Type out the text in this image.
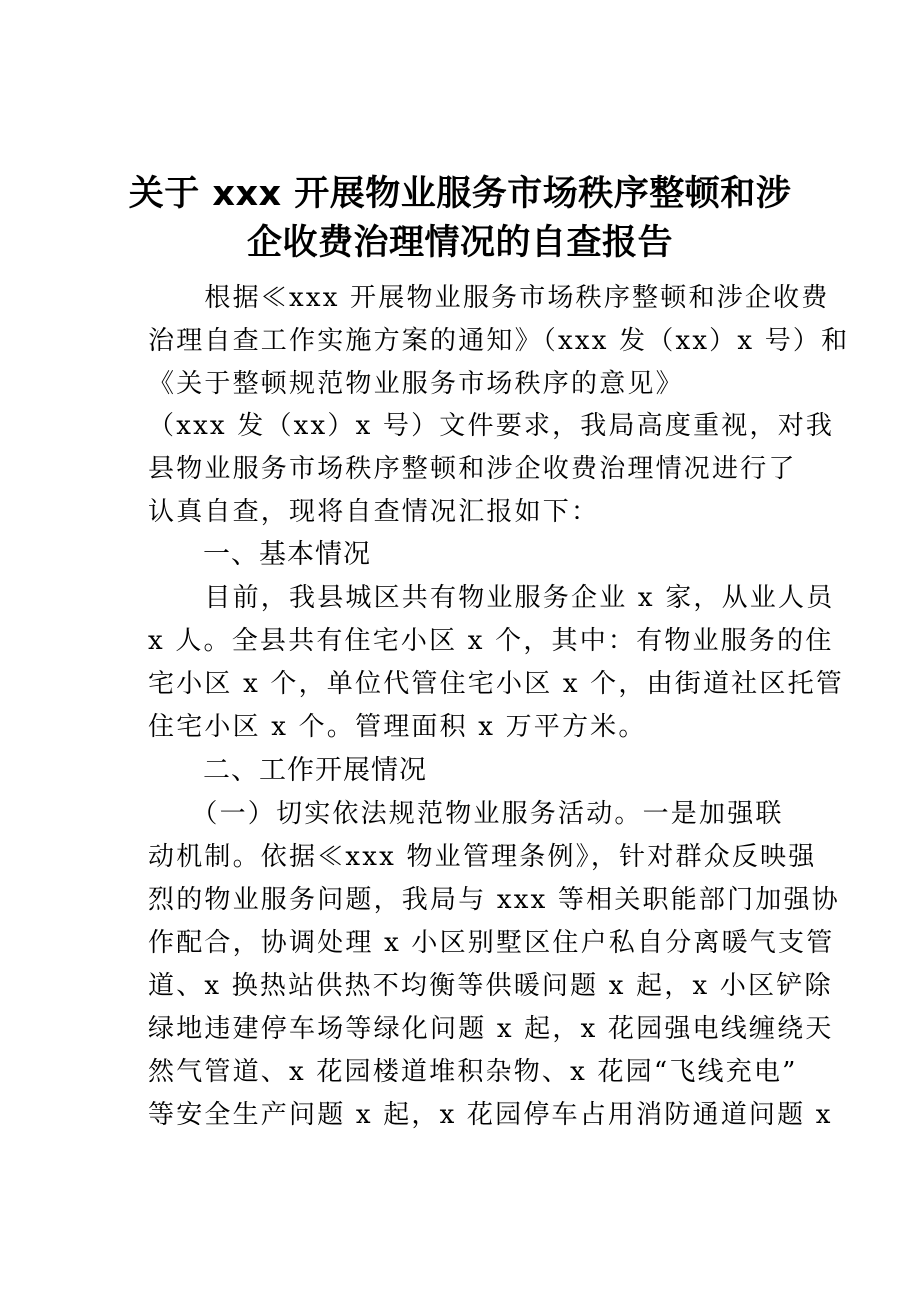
关于 xxx 开展物业服务市场秩序整顿和涉
企收费治理情况的自查报告
　　根据≪xxx 开展物业服务市场秩序整顿和涉企收费
治理自查工作实施方案的通知》（xxx 发（xx）x 号）和
《关于整顿规范物业服务市场秩序的意见》
（xxx 发（xx）x 号）文件要求，我局高度重视，对我
县物业服务市场秩序整顿和涉企收费治理情况进行了
认真自查，现将自查情况汇报如下：
一、基本情况
　　目前，我县城区共有物业服务企业 x 家，从业人员
x 人。全县共有住宅小区 x 个，其中：有物业服务的住
宅小区 x 个，单位代管住宅小区 x 个，由街道社区托管
住宅小区 x 个。管理面积 x 万平方米。
二、工作开展情况
　　（一）切实依法规范物业服务活动。一是加强联
动机制。依据≪xxx 物业管理条例》，针对群众反映强
烈的物业服务问题，我局与 xxx 等相关职能部门加强协
作配合，协调处理 x 小区别墅区住户私自分离暖气支管
道、x 换热站供热不均衡等供暖问题 x 起，x 小区铲除
绿地违建停车场等绿化问题 x 起，x 花园强电线缠绕天
然气管道、x 花园楼道堆积杂物、x 花园“飞线充电”
等安全生产问题 x 起，x 花园停车占用消防通道问题 x
